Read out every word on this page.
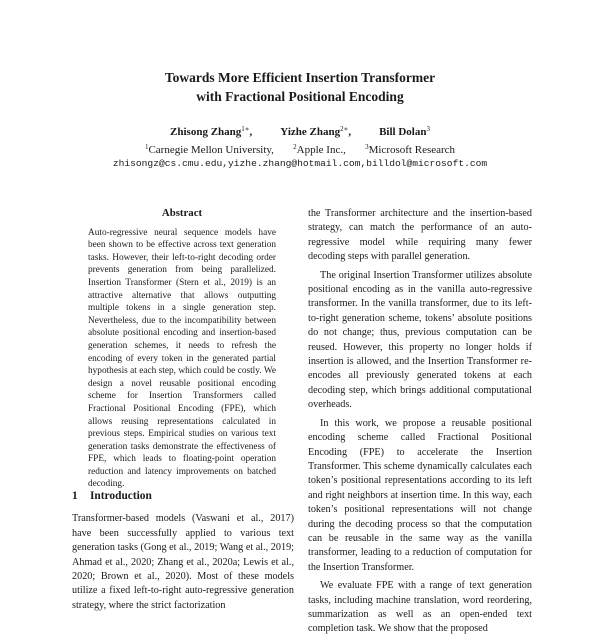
Towards More Efficient Insertion Transformer
with Fractional Positional Encoding
Zhisong Zhang$^{1∗}$,	Yizhe Zhang$^{2∗}$,	Bill Dolan$^3$
$^1$Carnegie Mellon University,	$^2$Apple Inc.,	$^3$Microsoft Research
zhisongz@cs.cmu.edu,yizhe.zhang@hotmail.com,billdol@microsoft.com
Abstract

Auto-regressive neural sequence models have been shown to be effective across text generation tasks. However, their left-to-right decoding order prevents generation from being parallelized. Insertion Transformer (Stern et al., 2019) is an attractive alternative that allows outputting multiple tokens in a single generation step. Nevertheless, due to the incompatibility between absolute positional encoding and insertion-based generation schemes, it needs to refresh the encoding of every token in the generated partial hypothesis at each step, which could be costly. We design a novel reusable positional encoding scheme for Insertion Transformers called Fractional Positional Encoding (FPE), which allows reusing representations calculated in previous steps. Empirical studies on various text generation tasks demonstrate the effectiveness of FPE, which leads to floating-point operation reduction and latency improvements on batched decoding.

1 Introduction

Transformer-based models (Vaswani et al., 2017) have been successfully applied to various text generation tasks (Gong et al., 2019; Wang et al., 2019; Ahmad et al., 2020; Zhang et al., 2020a; Lewis et al., 2020; Brown et al., 2020). Most of these models utilize a fixed left-to-right auto-regressive generation strategy, where the strict factorization

the Transformer architecture and the insertion-based strategy, can match the performance of an auto-regressive model while requiring many fewer decoding steps with parallel generation.

The original Insertion Transformer utilizes absolute positional encoding as in the vanilla auto-regressive transformer. In the vanilla transformer, due to its left-to-right generation scheme, tokens’ absolute positions do not change; thus, previous computation can be reused. However, this property no longer holds if insertion is allowed, and the Insertion Transformer re-encodes all previously generated tokens at each decoding step, which brings additional computational overheads.

In this work, we propose a reusable positional encoding scheme called Fractional Positional Encoding (FPE) to accelerate the Insertion Transformer. This scheme dynamically calculates each token’s positional representations according to its left and right neighbors at insertion time. In this way, each token’s positional representations will not change during the decoding process so that the computation can be reusable in the same way as the vanilla transformer, leading to a reduction of computation for the Insertion Transformer.

We evaluate FPE with a range of text generation tasks, including machine translation, word reordering, summarization as well as an open-ended text completion task. We show that the proposed
